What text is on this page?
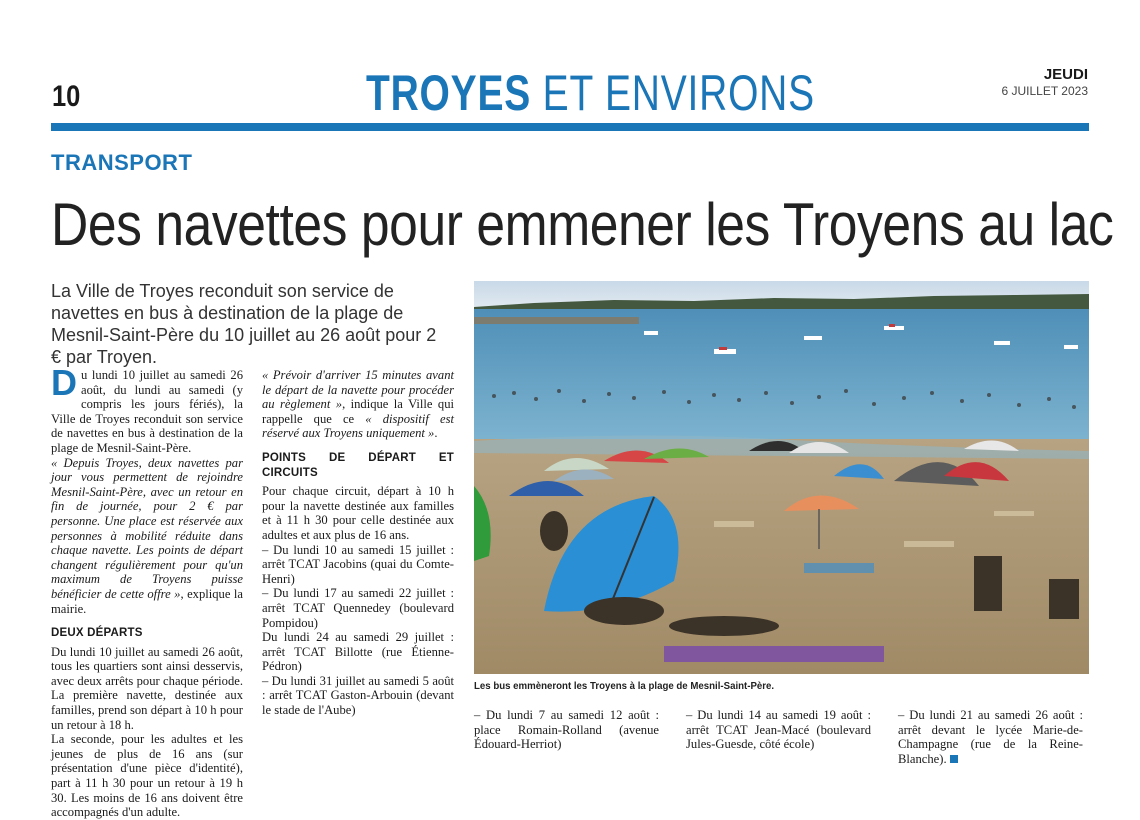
10	TROYES ET ENVIRONS	JEUDI
6 JUILLET 2023
TRANSPORT
Des navettes pour emmener les Troyens au lac
La Ville de Troyes reconduit son service de navettes en bus à destination de la plage de Mesnil-Saint-Père du 10 juillet au 26 août pour 2 € par Troyen.

Du lundi 10 juillet au samedi 26 août, du lundi au samedi (y compris les jours fériés), la Ville de Troyes reconduit son service de navettes en bus à destination de la plage de Mesnil-Saint-Père.

« Depuis Troyes, deux navettes par jour vous permettent de rejoindre Mesnil-Saint-Père, avec un retour en fin de journée, pour 2 € par personne. Une place est réservée aux personnes à mobilité réduite dans chaque navette. Les points de départ changent régulièrement pour qu'un maximum de Troyens puisse bénéficier de cette offre », explique la mairie.

DEUX DÉPARTS

Du lundi 10 juillet au samedi 26 août, tous les quartiers sont ainsi desservis, avec deux arrêts pour chaque période. La première navette, destinée aux familles, prend son départ à 10 h pour un retour à 18 h.

La seconde, pour les adultes et les jeunes de plus de 16 ans (sur présentation d'une pièce d'identité), part à 11 h 30 pour un retour à 19 h 30. Les moins de 16 ans doivent être accompagnés d'un adulte.

« Prévoir d'arriver 15 minutes avant le départ de la navette pour procéder au règlement », indique la Ville qui rappelle que ce « dispositif est réservé aux Troyens uniquement ».

POINTS DE DÉPART ET CIRCUITS

Pour chaque circuit, départ à 10 h pour la navette destinée aux familles et à 11 h 30 pour celle destinée aux adultes et aux plus de 16 ans.

– Du lundi 10 au samedi 15 juillet : arrêt TCAT Jacobins (quai du Comte-Henri)

– Du lundi 17 au samedi 22 juillet : arrêt TCAT Quennedey (boulevard Pompidou)

Du lundi 24 au samedi 29 juillet : arrêt TCAT Billotte (rue Étienne-Pédron)

– Du lundi 31 juillet au samedi 5 août : arrêt TCAT Gaston-Arbouin (devant le stade de l'Aube)

Les bus emmèneront les Troyens à la plage de Mesnil-Saint-Père.
– Du lundi 7 au samedi 12 août : place Romain-Rolland (avenue Édouard-Herriot)
– Du lundi 14 au samedi 19 août : arrêt TCAT Jean-Macé (boulevard Jules-Guesde, côté école)
– Du lundi 21 au samedi 26 août : arrêt devant le lycée Marie-de-Champagne (rue de la Reine-Blanche).
